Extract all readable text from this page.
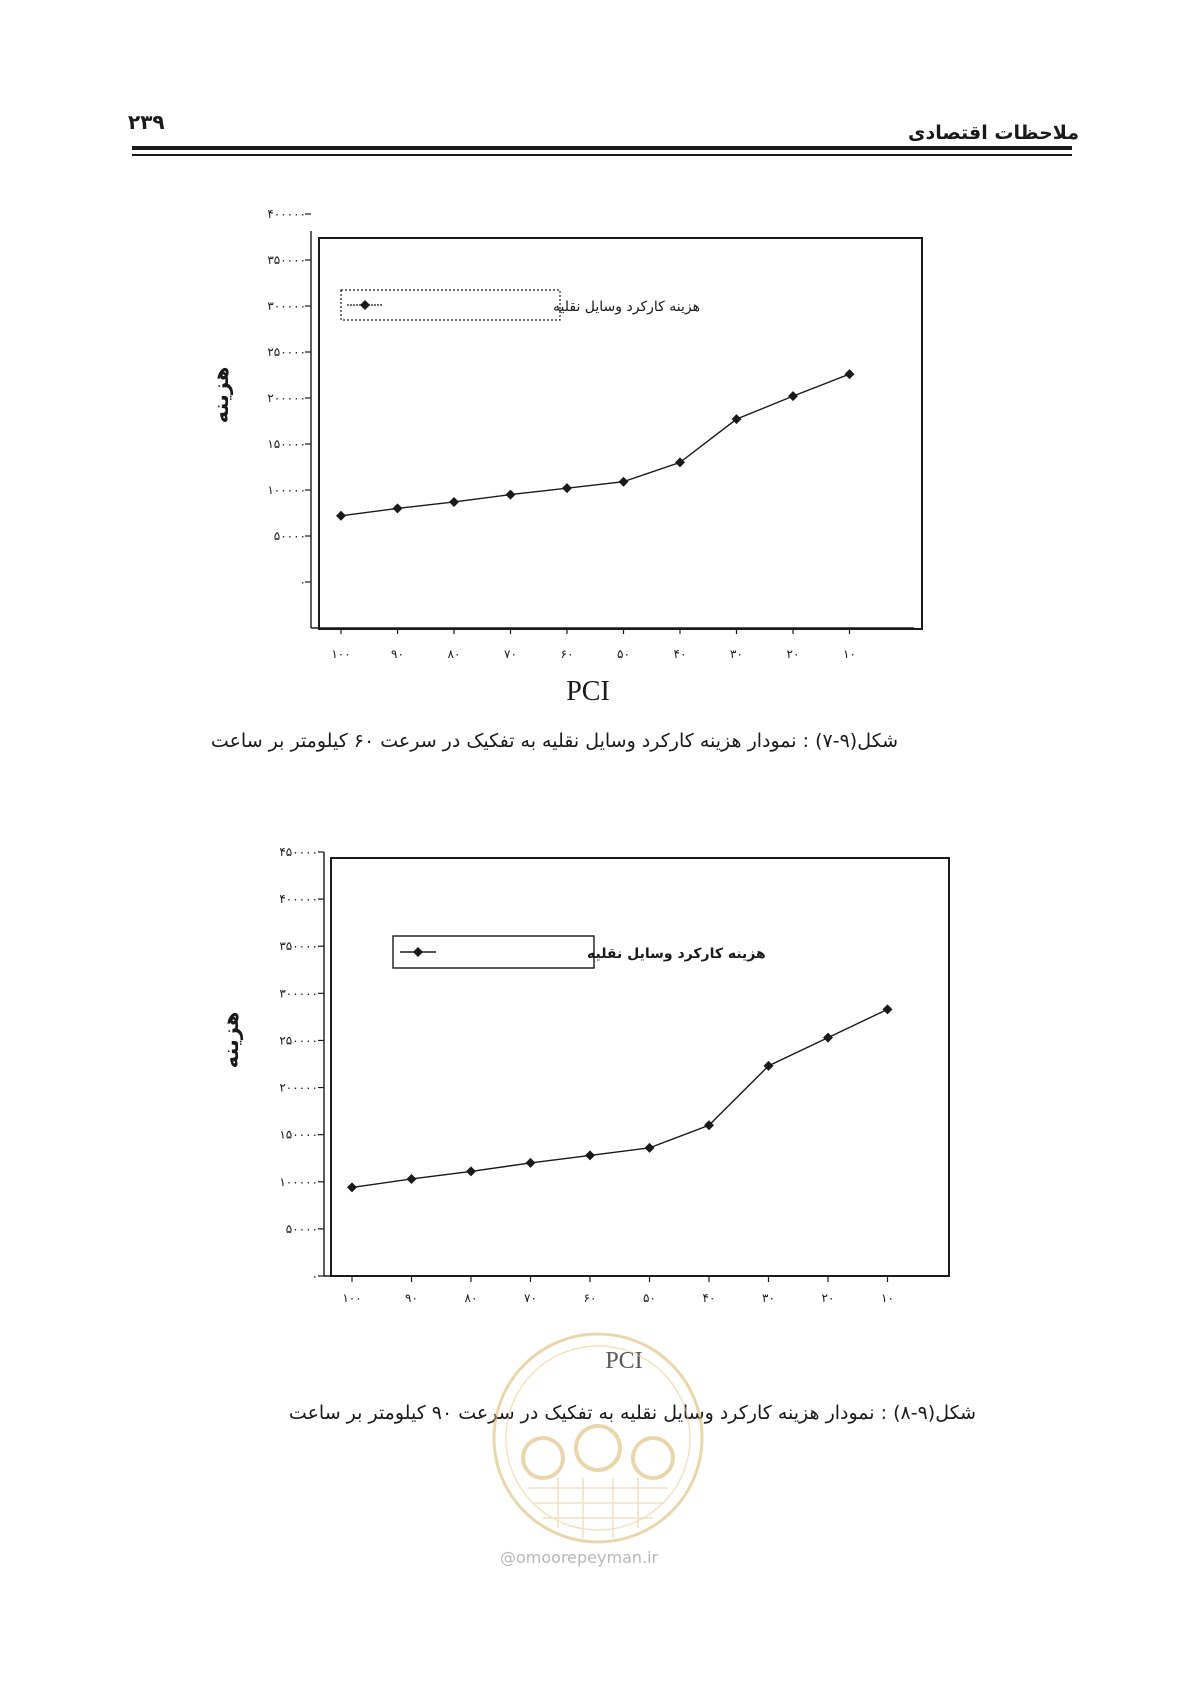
۲۳۹	ملاحظات اقتصادی
۰
۵۰۰۰۰
۱۰۰۰۰۰
۱۵۰۰۰۰
۲۰۰۰۰۰
۲۵۰۰۰۰
۳۰۰۰۰۰
۳۵۰۰۰۰
۴۰۰۰۰۰
۱۰۰	۹۰	۸۰	۷۰	۶۰	۵۰	۴۰	۳۰	۲۰	۱۰
هزینه کارکرد وسایل نقلیه
هزینه
PCI
شکل(۹-۷) : نمودار هزینه کارکرد وسایل نقلیه به تفکیک در سرعت ۶۰ کیلومتر بر ساعت
۰
۵۰۰۰۰
۱۰۰۰۰۰
۱۵۰۰۰۰
۲۰۰۰۰۰
۲۵۰۰۰۰
۳۰۰۰۰۰
۳۵۰۰۰۰
۴۰۰۰۰۰
۴۵۰۰۰۰
۱۰۰	۹۰	۸۰	۷۰	۶۰	۵۰	۴۰	۳۰	۲۰	۱۰
هزینه کارکرد وسایل نقلیه
هزینه
PCI
شکل(۹-۸) : نمودار هزینه کارکرد وسایل نقلیه به تفکیک در سرعت ۹۰ کیلومتر بر ساعت
@omoorepeyman.ir
